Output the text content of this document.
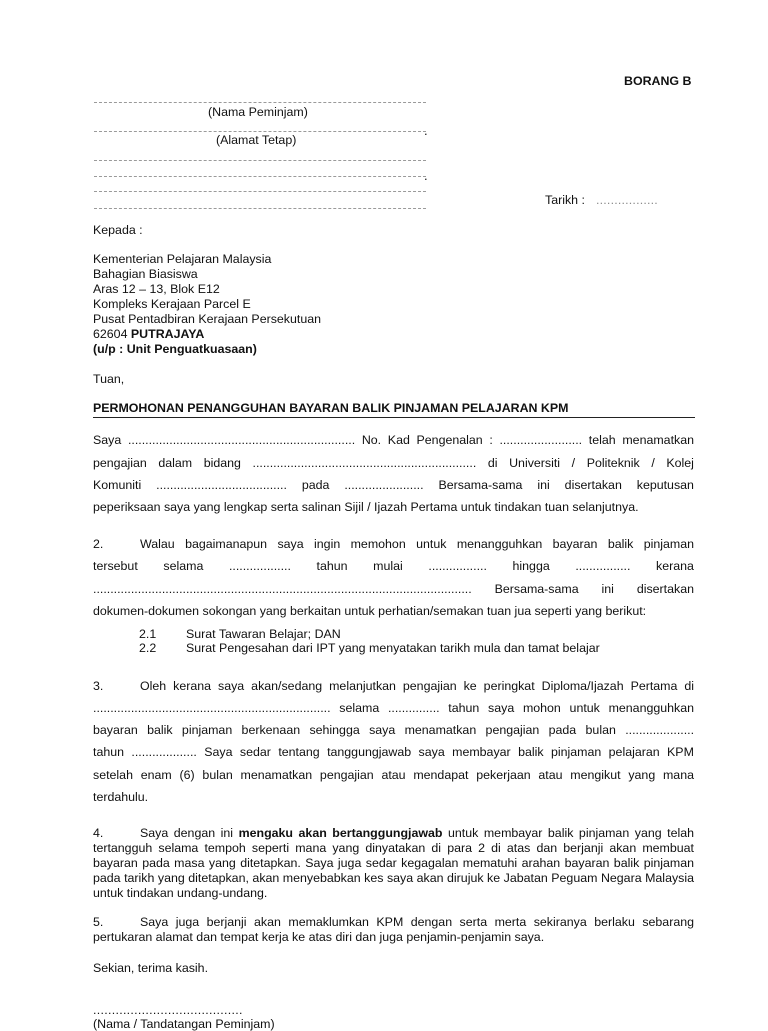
BORANG B
(Nama Peminjam)
.
(Alamat Tetap)
.
Tarikh : .................
Kepada :
Kementerian Pelajaran Malaysia
Bahagian Biasiswa
Aras 12 – 13, Blok E12
Kompleks Kerajaan Parcel E
Pusat Pentadbiran Kerajaan Persekutuan
62604 PUTRAJAYA
(u/p : Unit Penguatkuasaan)
Tuan,
PERMOHONAN PENANGGUHAN BAYARAN BALIK PINJAMAN PELAJARAN KPM
Saya .................................................................. No. Kad Pengenalan : ........................ telah menamatkan
pengajian dalam bidang ................................................................. di Universiti / Politeknik / Kolej
Komuniti ...................................... pada ....................... Bersama-sama ini disertakan keputusan
peperiksaan saya yang lengkap serta salinan Sijil / Ijazah Pertama untuk tindakan tuan selanjutnya.
2.	Walau bagaimanapun saya ingin memohon untuk menangguhkan bayaran balik pinjaman
tersebut selama .................. tahun mulai ................. hingga ................ kerana
.............................................................................................................. Bersama-sama ini disertakan
dokumen-dokumen sokongan yang berkaitan untuk perhatian/semakan tuan jua seperti yang berikut:
2.1 Surat Tawaran Belajar; DAN
2.2 Surat Pengesahan dari IPT yang menyatakan tarikh mula dan tamat belajar
3.	Oleh kerana saya akan/sedang melanjutkan pengajian ke peringkat Diploma/Ijazah Pertama di
..................................................................... selama ............... tahun saya mohon untuk menangguhkan
bayaran balik pinjaman berkenaan sehingga saya menamatkan pengajian pada bulan ....................
tahun ................... Saya sedar tentang tanggungjawab saya membayar balik pinjaman pelajaran KPM
setelah enam (6) bulan menamatkan pengajian atau mendapat pekerjaan atau mengikut yang mana
terdahulu.
4.	Saya dengan ini mengaku akan bertanggungjawab untuk membayar balik pinjaman yang telah tertangguh selama tempoh seperti mana yang dinyatakan di para 2 di atas dan berjanji akan membuat bayaran pada masa yang ditetapkan. Saya juga sedar kegagalan mematuhi arahan bayaran balik pinjaman pada tarikh yang ditetapkan, akan menyebabkan kes saya akan dirujuk ke Jabatan Peguam Negara Malaysia untuk tindakan undang-undang.
5.	Saya juga berjanji akan memaklumkan KPM dengan serta merta sekiranya berlaku sebarang pertukaran alamat dan tempat kerja ke atas diri dan juga penjamin-penjamin saya.
Sekian, terima kasih.
........................................
(Nama / Tandatangan Peminjam)
